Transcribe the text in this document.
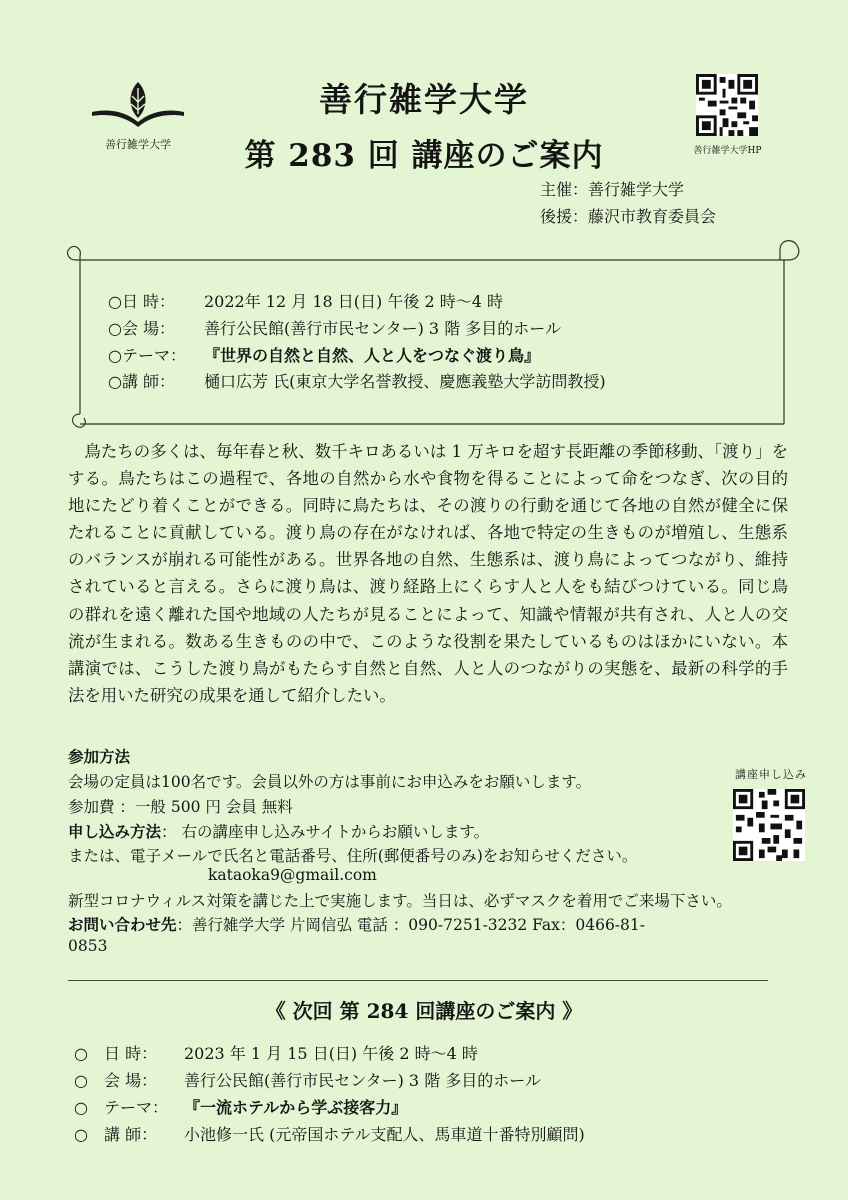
善行雑学大学
善行雑学大学
第 283 回 講座のご案内	善行雑学大学HP
主催：善行雑学大学
後援：藤沢市教育委員会
○日 時： 2022年 12 月 18 日(日) 午後 2 時〜4 時
○会 場： 善行公民館(善行市民センター) 3 階 多目的ホール
○テーマ： 『世界の自然と自然、人と人をつなぐ渡り鳥』
○講 師： 樋口広芳 氏(東京大学名誉教授、慶應義塾大学訪問教授)

鳥たちの多くは、毎年春と秋、数千キロあるいは 1 万キロを超す長距離の季節移動、「渡り」をする。鳥たちはこの過程で、各地の自然から水や食物を得ることによって命をつなぎ、次の目的地にたどり着くことができる。同時に鳥たちは、その渡りの行動を通じて各地の自然が健全に保たれることに貢献している。渡り鳥の存在がなければ、各地で特定の生きものが増殖し、生態系のバランスが崩れる可能性がある。世界各地の自然、生態系は、渡り鳥によってつながり、維持されていると言える。さらに渡り鳥は、渡り経路上にくらす人と人をも結びつけている。同じ鳥の群れを遠く離れた国や地域の人たちが見ることによって、知識や情報が共有され、人と人の交流が生まれる。数ある生きものの中で、このような役割を果たしているものはほかにいない。本講演では、こうした渡り鳥がもたらす自然と自然、人と人のつながりの実態を、最新の科学的手法を用いた研究の成果を通して紹介したい。

参加方法
会場の定員は100名です。会員以外の方は事前にお申込みをお願いします。
参加費 ：一般 500 円 会員 無料
申し込み方法： 右の講座申し込みサイトからお願いします。
または、電子メールで氏名と電話番号、住所(郵便番号のみ)をお知らせください。
kataoka9@gmail.com
新型コロナウィルス対策を講じた上で実施します。当日は、必ずマスクを着用でご来場下さい。
お問い合わせ先：善行雑学大学 片岡信弘 電話 ：090-7251-3232 Fax：0466-81-
0853
講座申し込み
《 次回 第 284 回講座のご案内 》
○ 日 時： 2023 年 1 月 15 日(日) 午後 2 時〜4 時
○ 会 場： 善行公民館(善行市民センター) 3 階 多目的ホール
○ テーマ： 『一流ホテルから学ぶ接客力』
○ 講 師： 小池修一氏 (元帝国ホテル支配人、馬車道十番特別顧問)
